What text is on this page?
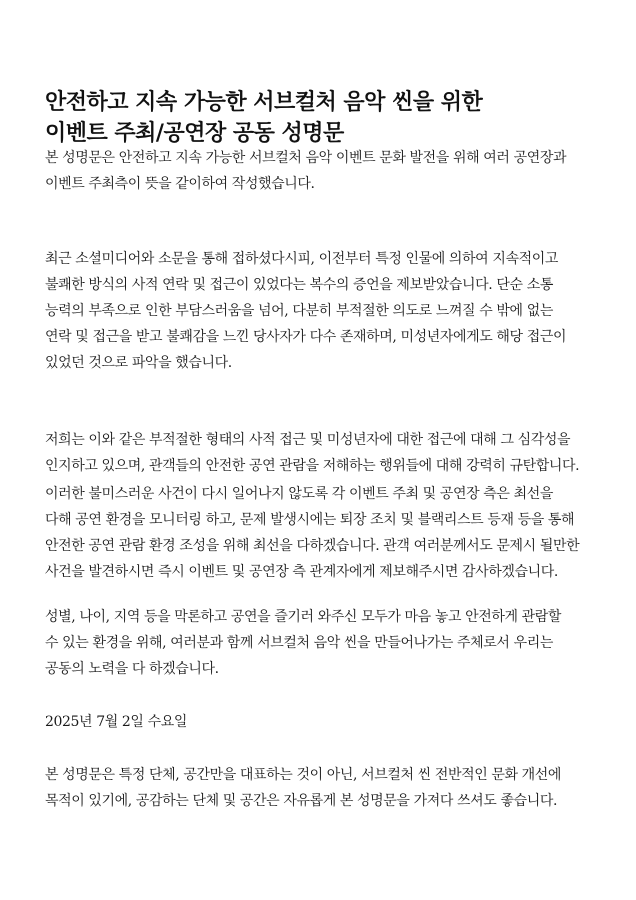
안전하고 지속 가능한 서브컬처 음악 씬을 위한
이벤트 주최/공연장 공동 성명문

본 성명문은 안전하고 지속 가능한 서브컬처 음악 이벤트 문화 발전을 위해 여러 공연장과
이벤트 주최측이 뜻을 같이하여 작성했습니다.

최근 소셜미디어와 소문을 통해 접하셨다시피, 이전부터 특정 인물에 의하여 지속적이고
불쾌한 방식의 사적 연락 및 접근이 있었다는 복수의 증언을 제보받았습니다. 단순 소통
능력의 부족으로 인한 부담스러움을 넘어, 다분히 부적절한 의도로 느껴질 수 밖에 없는
연락 및 접근을 받고 불쾌감을 느낀 당사자가 다수 존재하며, 미성년자에게도 해당 접근이
있었던 것으로 파악을 했습니다.

저희는 이와 같은 부적절한 형태의 사적 접근 및 미성년자에 대한 접근에 대해 그 심각성을
인지하고 있으며, 관객들의 안전한 공연 관람을 저해하는 행위들에 대해 강력히 규탄합니다.

이러한 불미스러운 사건이 다시 일어나지 않도록 각 이벤트 주최 및 공연장 측은 최선을
다해 공연 환경을 모니터링 하고, 문제 발생시에는 퇴장 조치 및 블랙리스트 등재 등을 통해
안전한 공연 관람 환경 조성을 위해 최선을 다하겠습니다. 관객 여러분께서도 문제시 될만한
사건을 발견하시면 즉시 이벤트 및 공연장 측 관계자에게 제보해주시면 감사하겠습니다.

성별, 나이, 지역 등을 막론하고 공연을 즐기러 와주신 모두가 마음 놓고 안전하게 관람할
수 있는 환경을 위해, 여러분과 함께 서브컬처 음악 씬을 만들어나가는 주체로서 우리는
공동의 노력을 다 하겠습니다.

2025년 7월 2일 수요일

본 성명문은 특정 단체, 공간만을 대표하는 것이 아닌, 서브컬처 씬 전반적인 문화 개선에
목적이 있기에, 공감하는 단체 및 공간은 자유롭게 본 성명문을 가져다 쓰셔도 좋습니다.
